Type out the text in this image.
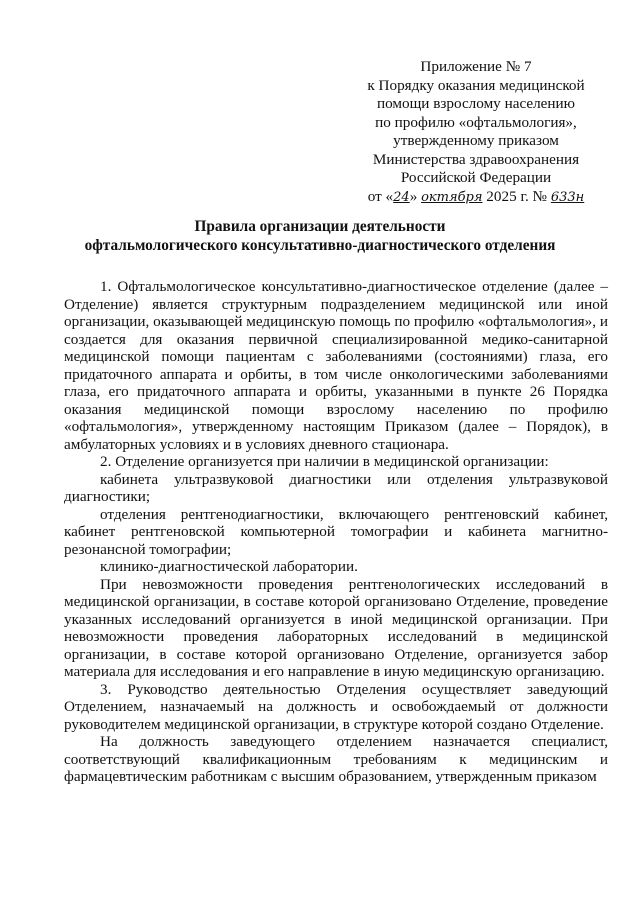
Приложение № 7
к Порядку оказания медицинской
помощи взрослому населению
по профилю «офтальмология»,
утвержденному приказом
Министерства здравоохранения
Российской Федерации
от «24» октября 2025 г. № 633н
Правила организации деятельности
офтальмологического консультативно-диагностического отделения

1. Офтальмологическое консультативно-диагностическое отделение (далее – Отделение) является структурным подразделением медицинской или иной организации, оказывающей медицинскую помощь по профилю «офтальмология», и создается для оказания первичной специализированной медико-санитарной медицинской помощи пациентам с заболеваниями (состояниями) глаза, его придаточного аппарата и орбиты, в том числе онкологическими заболеваниями глаза, его придаточного аппарата и орбиты, указанными в пункте 26 Порядка оказания медицинской помощи взрослому населению по профилю «офтальмология», утвержденному настоящим Приказом (далее – Порядок), в амбулаторных условиях и в условиях дневного стационара.

2. Отделение организуется при наличии в медицинской организации:

кабинета ультразвуковой диагностики или отделения ультразвуковой диагностики;

отделения рентгенодиагностики, включающего рентгеновский кабинет, кабинет рентгеновской компьютерной томографии и кабинета магнитно-резонансной томографии;

клинико-диагностической лаборатории.

При невозможности проведения рентгенологических исследований в медицинской организации, в составе которой организовано Отделение, проведение указанных исследований организуется в иной медицинской организации. При невозможности проведения лабораторных исследований в медицинской организации, в составе которой организовано Отделение, организуется забор материала для исследования и его направление в иную медицинскую организацию.

3. Руководство деятельностью Отделения осуществляет заведующий Отделением, назначаемый на должность и освобождаемый от должности руководителем медицинской организации, в структуре которой создано Отделение.

На должность заведующего отделением назначается специалист, соответствующий квалификационным требованиям к медицинским и фармацевтическим работникам с высшим образованием, утвержденным приказом
